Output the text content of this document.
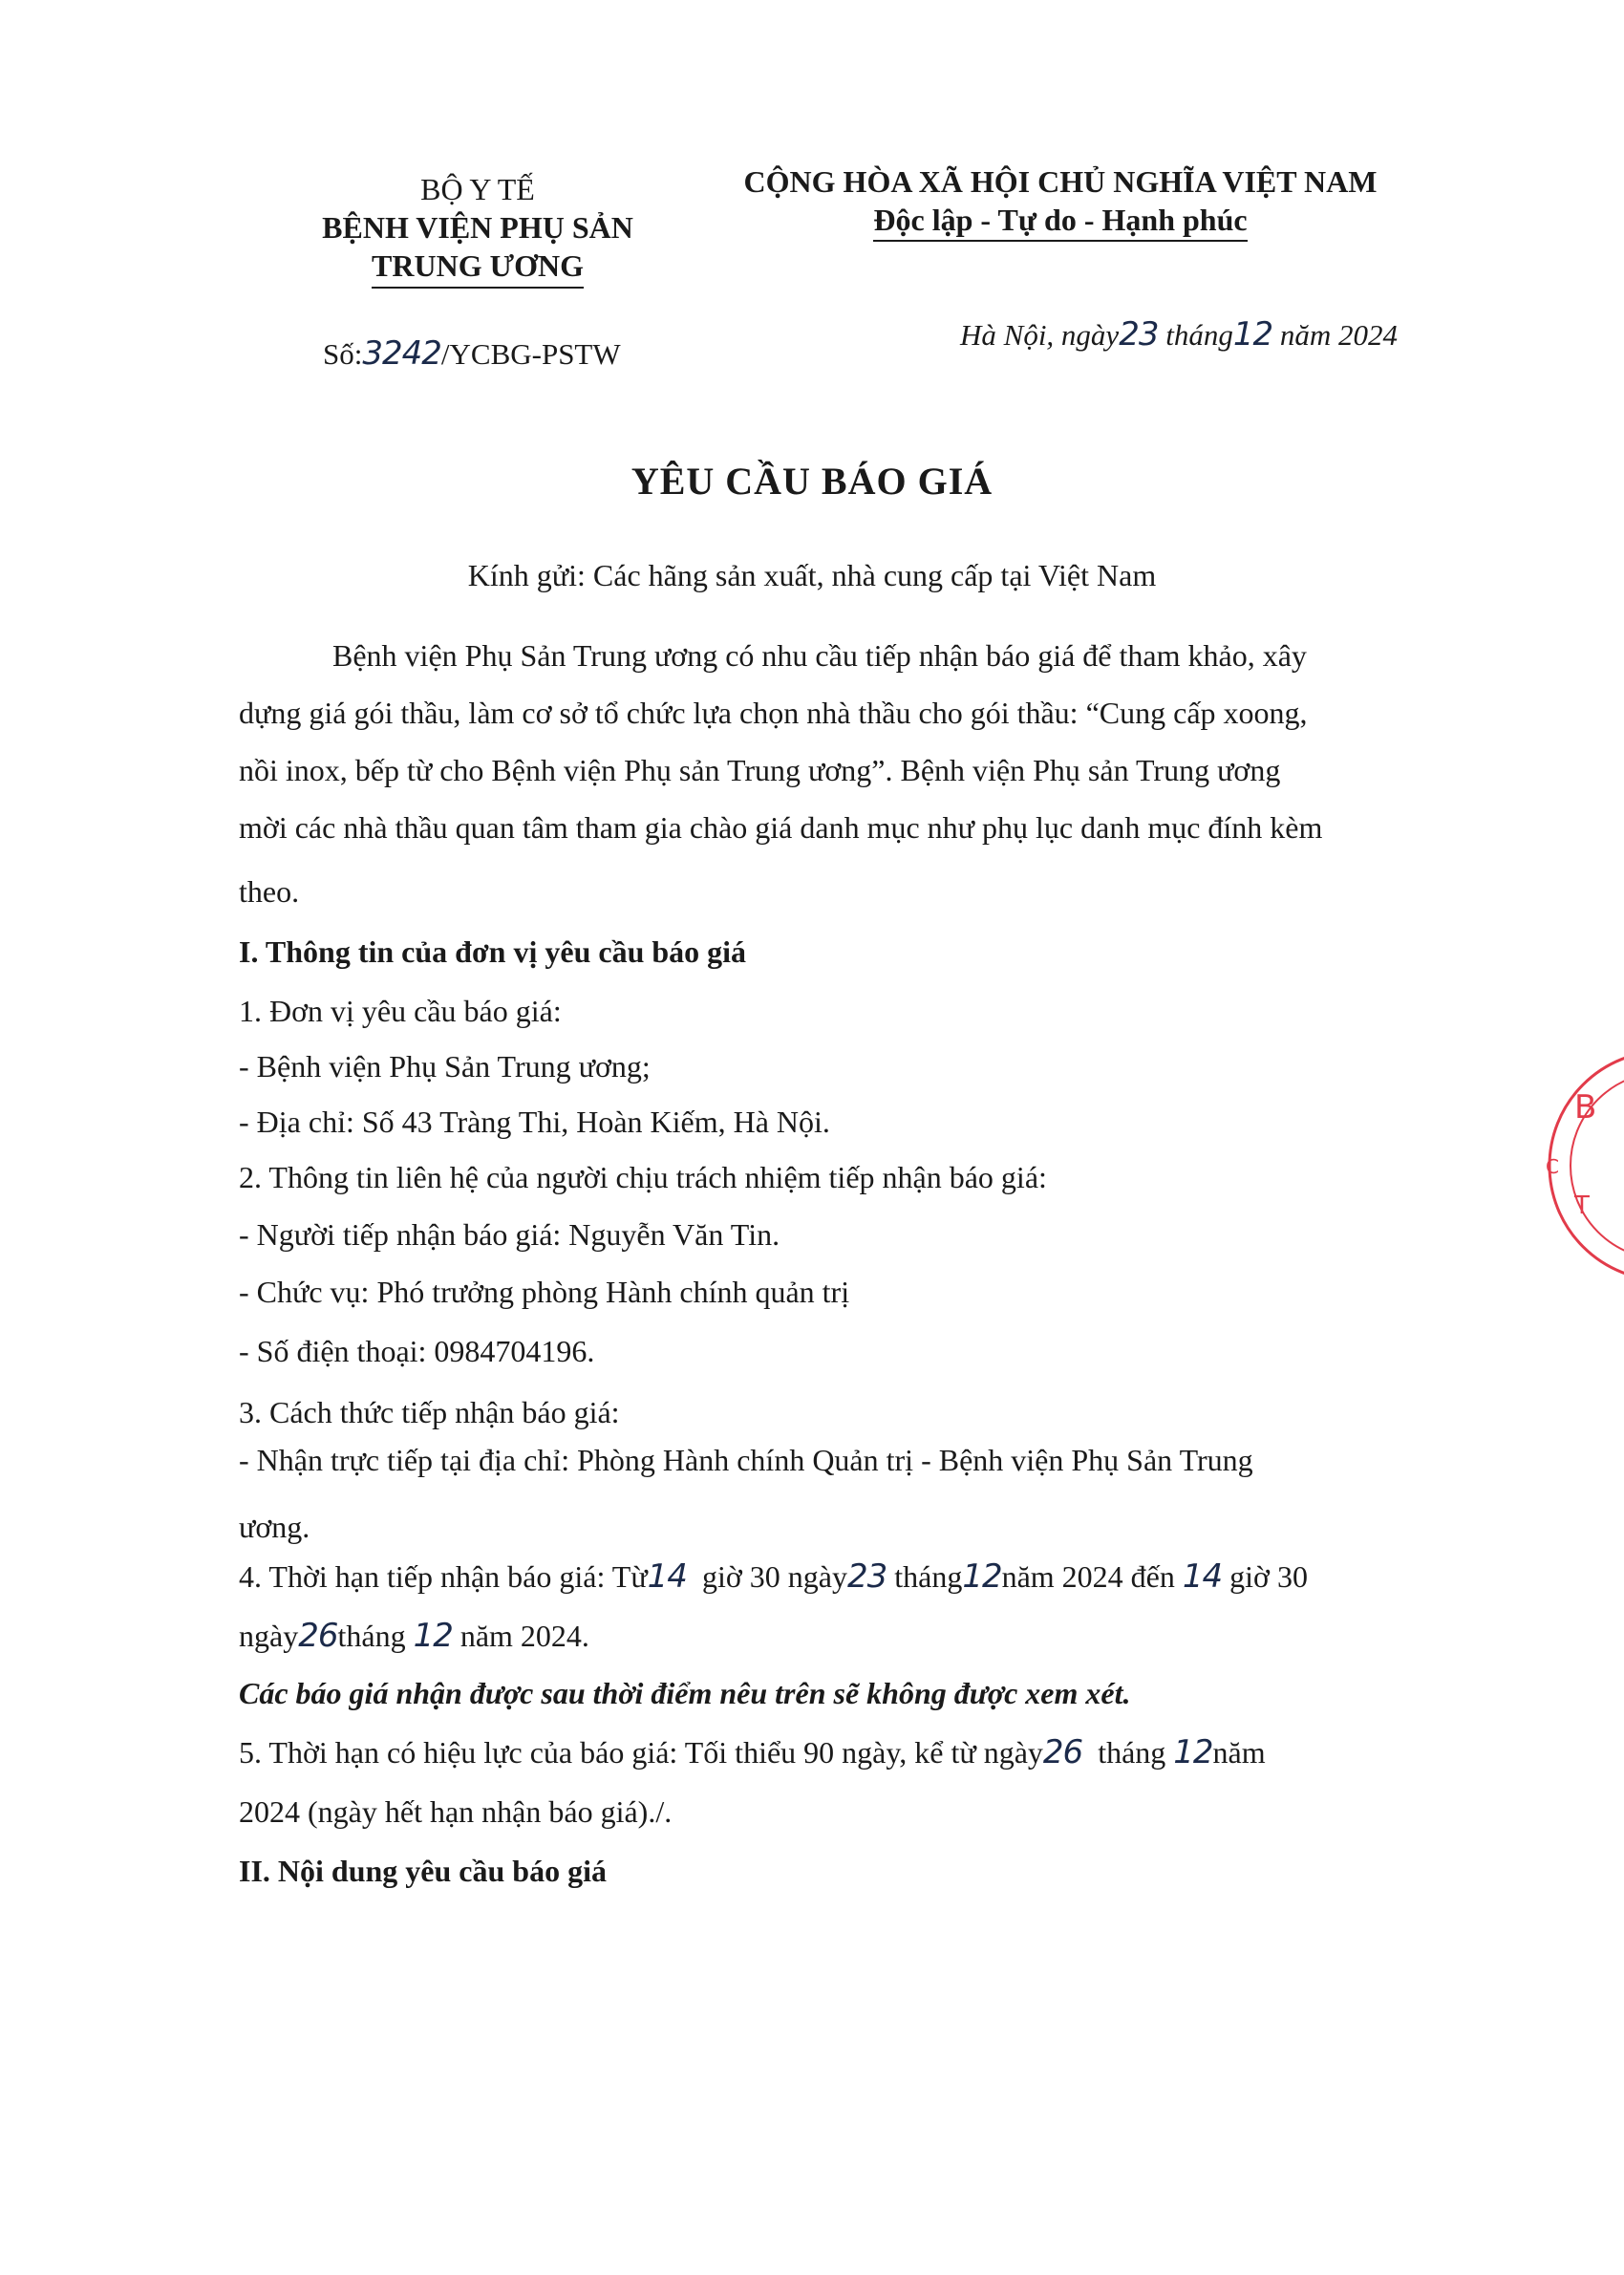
BỘ Y TẾ
BỆNH VIỆN PHỤ SẢN
TRUNG ƯƠNG
CỘNG HÒA XÃ HỘI CHỦ NGHĨA VIỆT NAM
Độc lập - Tự do - Hạnh phúc
Số:3242/YCBG-PSTW
Hà Nội, ngày23 tháng12 năm 2024
YÊU CẦU BÁO GIÁ
Kính gửi: Các hãng sản xuất, nhà cung cấp tại Việt Nam
Bệnh viện Phụ Sản Trung ương có nhu cầu tiếp nhận báo giá để tham khảo, xây
dựng giá gói thầu, làm cơ sở tổ chức lựa chọn nhà thầu cho gói thầu: “Cung cấp xoong,
nồi inox, bếp từ cho Bệnh viện Phụ sản Trung ương”. Bệnh viện Phụ sản Trung ương
mời các nhà thầu quan tâm tham gia chào giá danh mục như phụ lục danh mục đính kèm
theo.
I. Thông tin của đơn vị yêu cầu báo giá
1. Đơn vị yêu cầu báo giá:
- Bệnh viện Phụ Sản Trung ương;
- Địa chỉ: Số 43 Tràng Thi, Hoàn Kiếm, Hà Nội.
2. Thông tin liên hệ của người chịu trách nhiệm tiếp nhận báo giá:
- Người tiếp nhận báo giá: Nguyễn Văn Tin.
- Chức vụ: Phó trưởng phòng Hành chính quản trị
- Số điện thoại: 0984704196.
3. Cách thức tiếp nhận báo giá:
- Nhận trực tiếp tại địa chỉ: Phòng Hành chính Quản trị - Bệnh viện Phụ Sản Trung
ương.
4. Thời hạn tiếp nhận báo giá: Từ14 giờ 30 ngày23 tháng12năm 2024 đến 14 giờ 30
ngày26tháng 12 năm 2024.
Các báo giá nhận được sau thời điểm nêu trên sẽ không được xem xét.
5. Thời hạn có hiệu lực của báo giá: Tối thiểu 90 ngày, kể từ ngày26 tháng 12năm
2024 (ngày hết hạn nhận báo giá)./.
II. Nội dung yêu cầu báo giá
B
T
C
